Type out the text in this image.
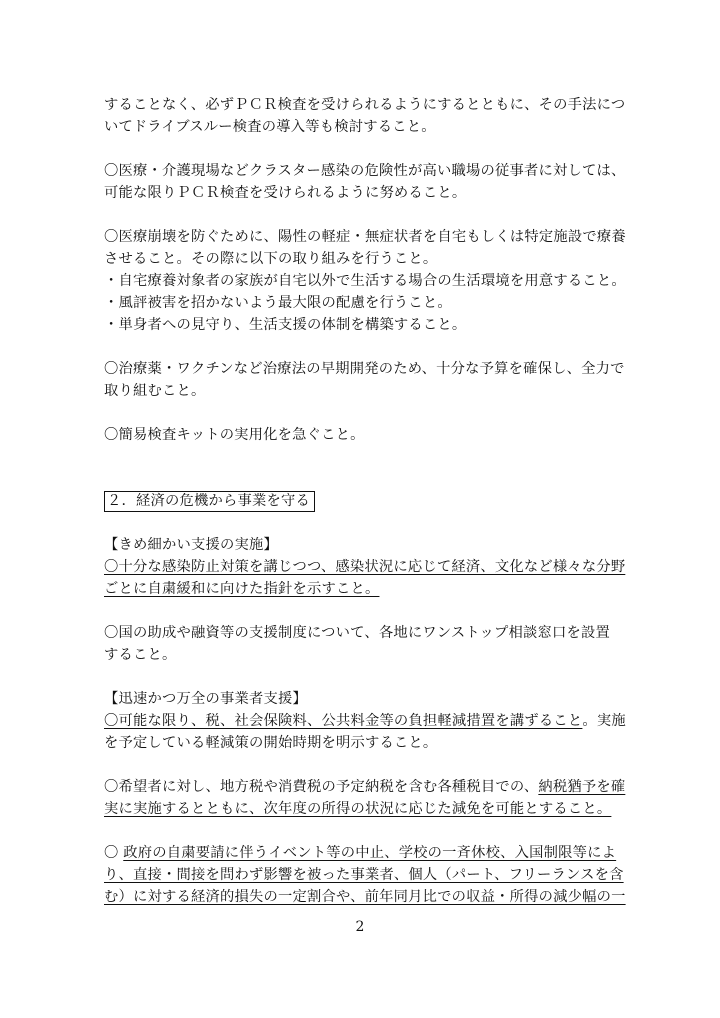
することなく、必ずＰＣＲ検査を受けられるようにするとともに、その手法につ
いてドライブスルー検査の導入等も検討すること。
〇医療・介護現場などクラスター感染の危険性が高い職場の従事者に対しては、
可能な限りＰＣＲ検査を受けられるように努めること。
〇医療崩壊を防ぐために、陽性の軽症・無症状者を自宅もしくは特定施設で療養
させること。その際に以下の取り組みを行うこと。
・自宅療養対象者の家族が自宅以外で生活する場合の生活環境を用意すること。
・風評被害を招かないよう最大限の配慮を行うこと。
・単身者への見守り、生活支援の体制を構築すること。
〇治療薬・ワクチンなど治療法の早期開発のため、十分な予算を確保し、全力で
取り組むこと。
〇簡易検査キットの実用化を急ぐこと。
２．経済の危機から事業を守る
【きめ細かい支援の実施】
〇十分な感染防止対策を講じつつ、感染状況に応じて経済、文化など様々な分野
ごとに自粛緩和に向けた指針を示すこと。
〇国の助成や融資等の支援制度について、各地にワンストップ相談窓口を設置
すること。
【迅速かつ万全の事業者支援】
〇可能な限り、税、社会保険料、公共料金等の負担軽減措置を講ずること。実施
を予定している軽減策の開始時期を明示すること。
〇希望者に対し、地方税や消費税の予定納税を含む各種税目での、納税猶予を確
実に実施するとともに、次年度の所得の状況に応じた減免を可能とすること。
〇 政府の自粛要請に伴うイベント等の中止、学校の一斉休校、入国制限等によ
り、直接・間接を問わず影響を被った事業者、個人（パート、フリーランスを含
む）に対する経済的損失の一定割合や、前年同月比での収益・所得の減少幅の一
2
